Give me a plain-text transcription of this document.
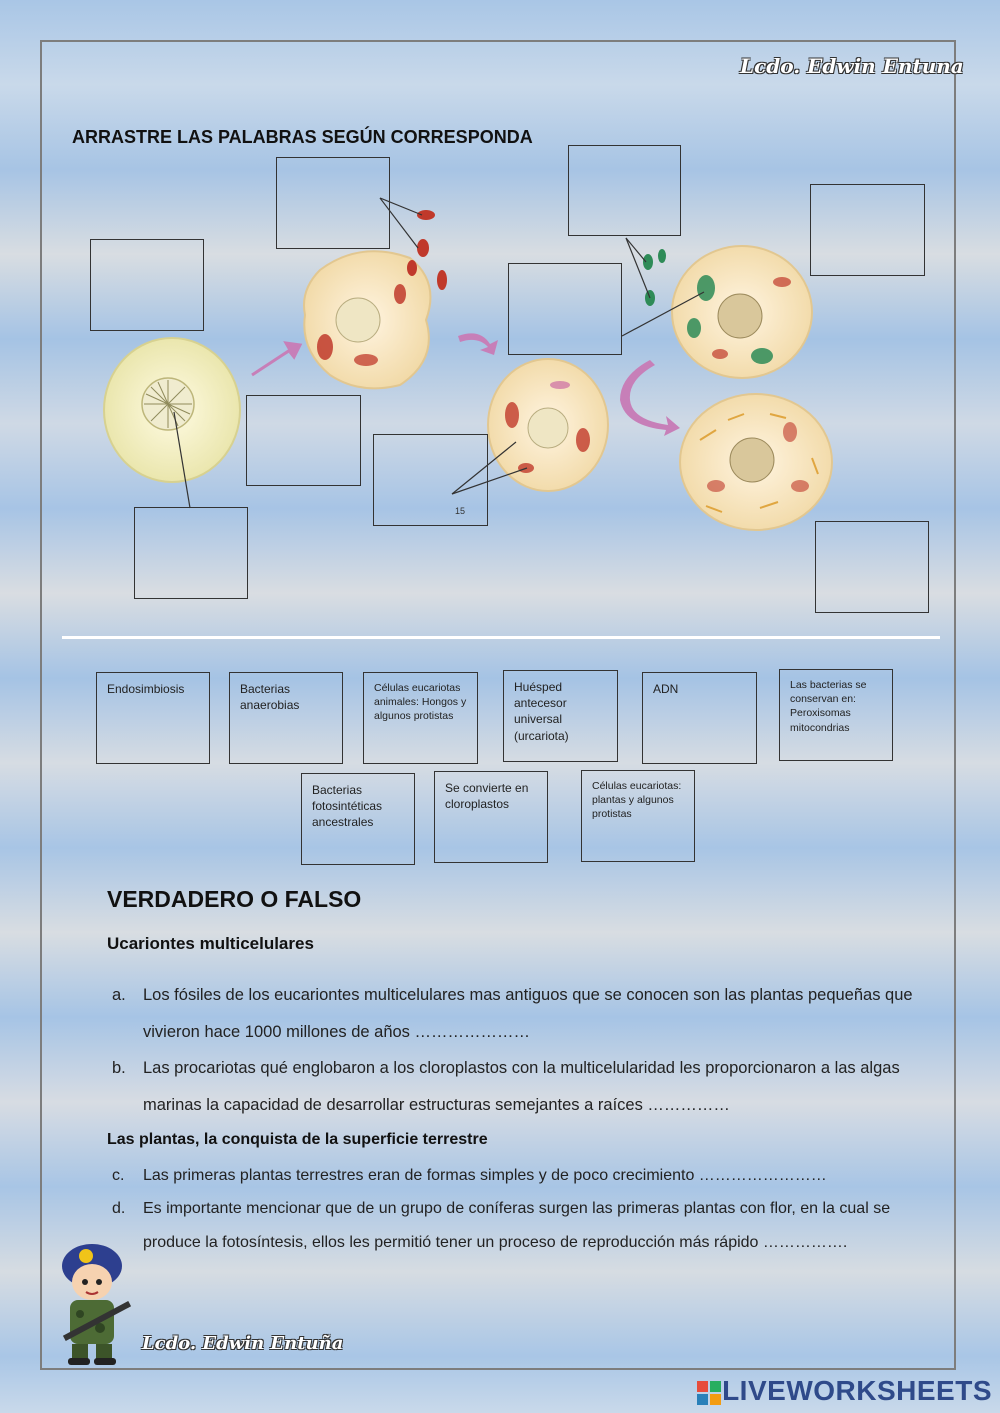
Lcdo. Edwin Entuna
ARRASTRE LAS PALABRAS SEGÚN CORRESPONDA
15
Endosimbiosis	Bacterias anaerobias
Células eucariotas animales: Hongos y algunos protistas
Huésped antecesor universal (urcariota)
ADN	Las bacterias se conservan en: Peroxisomas mitocondrias
Bacterias fotosintéticas ancestrales
Se convierte en cloroplastos
Células eucariotas: plantas y algunos protistas
VERDADERO O FALSO
Ucariontes multicelulares
a. Los fósiles de los eucariontes multicelulares mas antiguos que se conocen son las plantas pequeñas que vivieron hace 1000 millones de años …………………
b. Las procariotas qué englobaron a los cloroplastos con la multicelularidad les proporcionaron a las algas marinas la capacidad de desarrollar estructuras semejantes a raíces ……………
Las plantas, la conquista de la superficie terrestre
c. Las primeras plantas terrestres eran de formas simples y de poco crecimiento ……………………
d. Es importante mencionar que de un grupo de coníferas surgen las primeras plantas con flor, en la cual se produce la fotosíntesis, ellos les permitió tener un proceso de reproducción más rápido …………….
Lcdo. Edwin Entuña
LIVEWORKSHEETS
